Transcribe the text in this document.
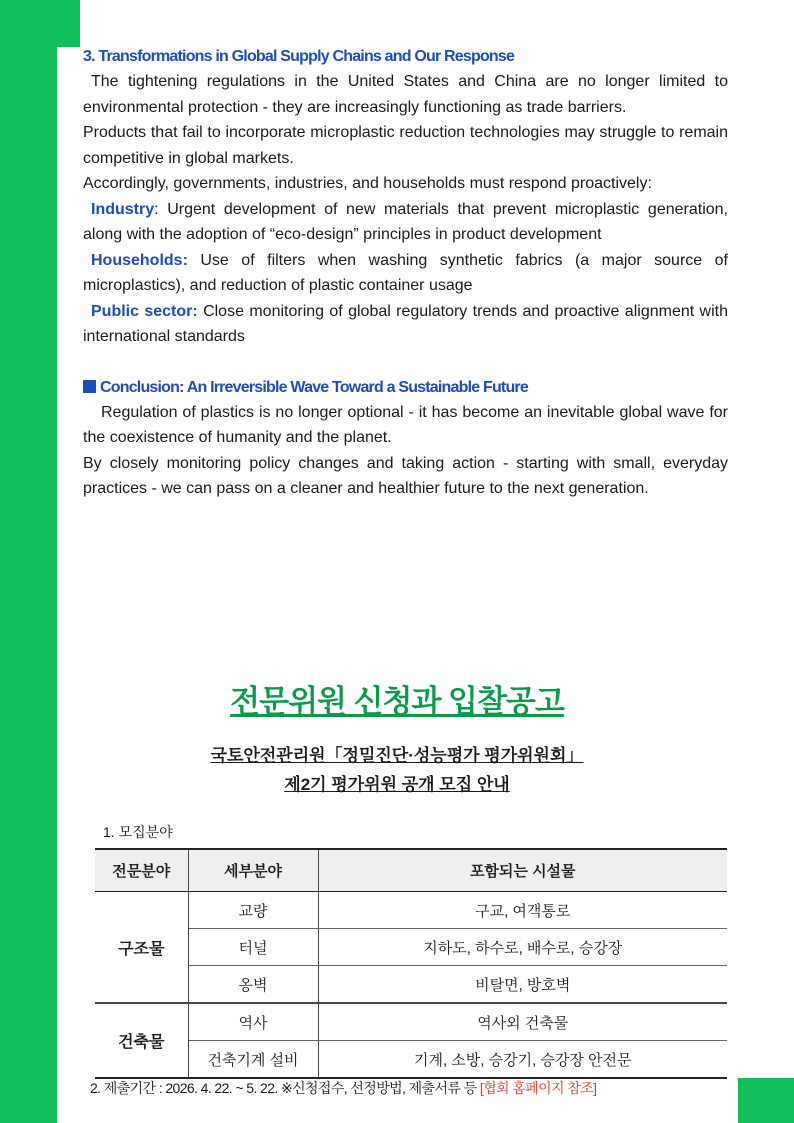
3. Transformations in Global Supply Chains and Our Response

The tightening regulations in the United States and China are no longer limited to environmental protection - they are increasingly functioning as trade barriers.

Products that fail to incorporate microplastic reduction technologies may struggle to remain competitive in global markets.

Accordingly, governments, industries, and households must respond proactively:

Industry: Urgent development of new materials that prevent microplastic generation, along with the adoption of “eco-design” principles in product development

Households: Use of filters when washing synthetic fabrics (a major source of microplastics), and reduction of plastic container usage

Public sector: Close monitoring of global regulatory trends and proactive alignment with international standards

Conclusion: An Irreversible Wave Toward a Sustainable Future

Regulation of plastics is no longer optional - it has become an inevitable global wave for the coexistence of humanity and the planet.

By closely monitoring policy changes and taking action - starting with small, everyday practices - we can pass on a cleaner and healthier future to the next generation.

전문위원 신청과 입찰공고
국토안전관리원「정밀진단·성능평가 평가위원회」
제2기 평가위원 공개 모집 안내

1. 모집분야

전문분야	세부분야	포함되는 시설물
구조물	교량	구교, 여객통로
	터널	지하도, 하수로, 배수로, 승강장
	옹벽	비탈면, 방호벽
건축물	역사	역사외 건축물
	건축기계 설비	기계, 소방, 승강기, 승강장 안전문

2. 제출기간 : 2026. 4. 22. ~ 5. 22. ※신청접수, 선정방법, 제출서류 등 [협회 홈페이지 참조]
